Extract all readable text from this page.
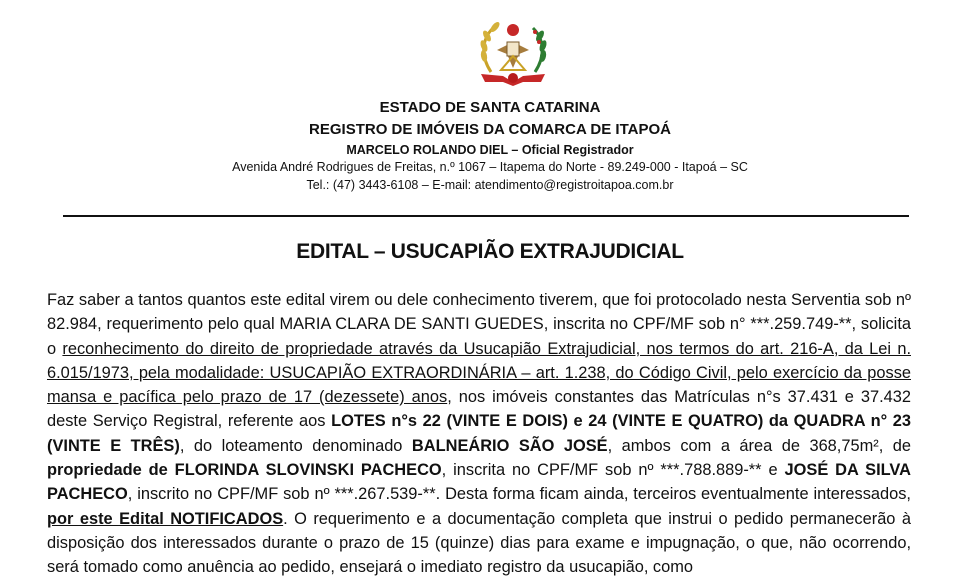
ESTADO DE SANTA CATARINA
REGISTRO DE IMÓVEIS DA COMARCA DE ITAPOÁ
MARCELO ROLANDO DIEL – Oficial Registrador
Avenida André Rodrigues de Freitas, n.º 1067 – Itapema do Norte - 89.249-000 - Itapoá – SC
Tel.: (47) 3443-6108 – E-mail: atendimento@registroitapoa.com.br
EDITAL – USUCAPIÃO EXTRAJUDICIAL
Faz saber a tantos quantos este edital virem ou dele conhecimento tiverem, que foi protocolado nesta Serventia sob nº 82.984, requerimento pelo qual MARIA CLARA DE SANTI GUEDES, inscrita no CPF/MF sob n° ***.259.749-**, solicita o reconhecimento do direito de propriedade através da Usucapião Extrajudicial, nos termos do art. 216-A, da Lei n. 6.015/1973, pela modalidade: USUCAPIÃO EXTRAORDINÁRIA – art. 1.238, do Código Civil, pelo exercício da posse mansa e pacífica pelo prazo de 17 (dezessete) anos, nos imóveis constantes das Matrículas n°s 37.431 e 37.432 deste Serviço Registral, referente aos LOTES n°s 22 (VINTE E DOIS) e 24 (VINTE E QUATRO) da QUADRA n° 23 (VINTE E TRÊS), do loteamento denominado BALNEÁRIO SÃO JOSÉ, ambos com a área de 368,75m², de propriedade de FLORINDA SLOVINSKI PACHECO, inscrita no CPF/MF sob nº ***.788.889-** e JOSÉ DA SILVA PACHECO, inscrito no CPF/MF sob nº ***.267.539-**. Desta forma ficam ainda, terceiros eventualmente interessados, por este Edital NOTIFICADOS. O requerimento e a documentação completa que instrui o pedido permanecerão à disposição dos interessados durante o prazo de 15 (quinze) dias para exame e impugnação, o que, não ocorrendo, será tomado como anuência ao pedido, ensejará o imediato registro da usucapião, como
